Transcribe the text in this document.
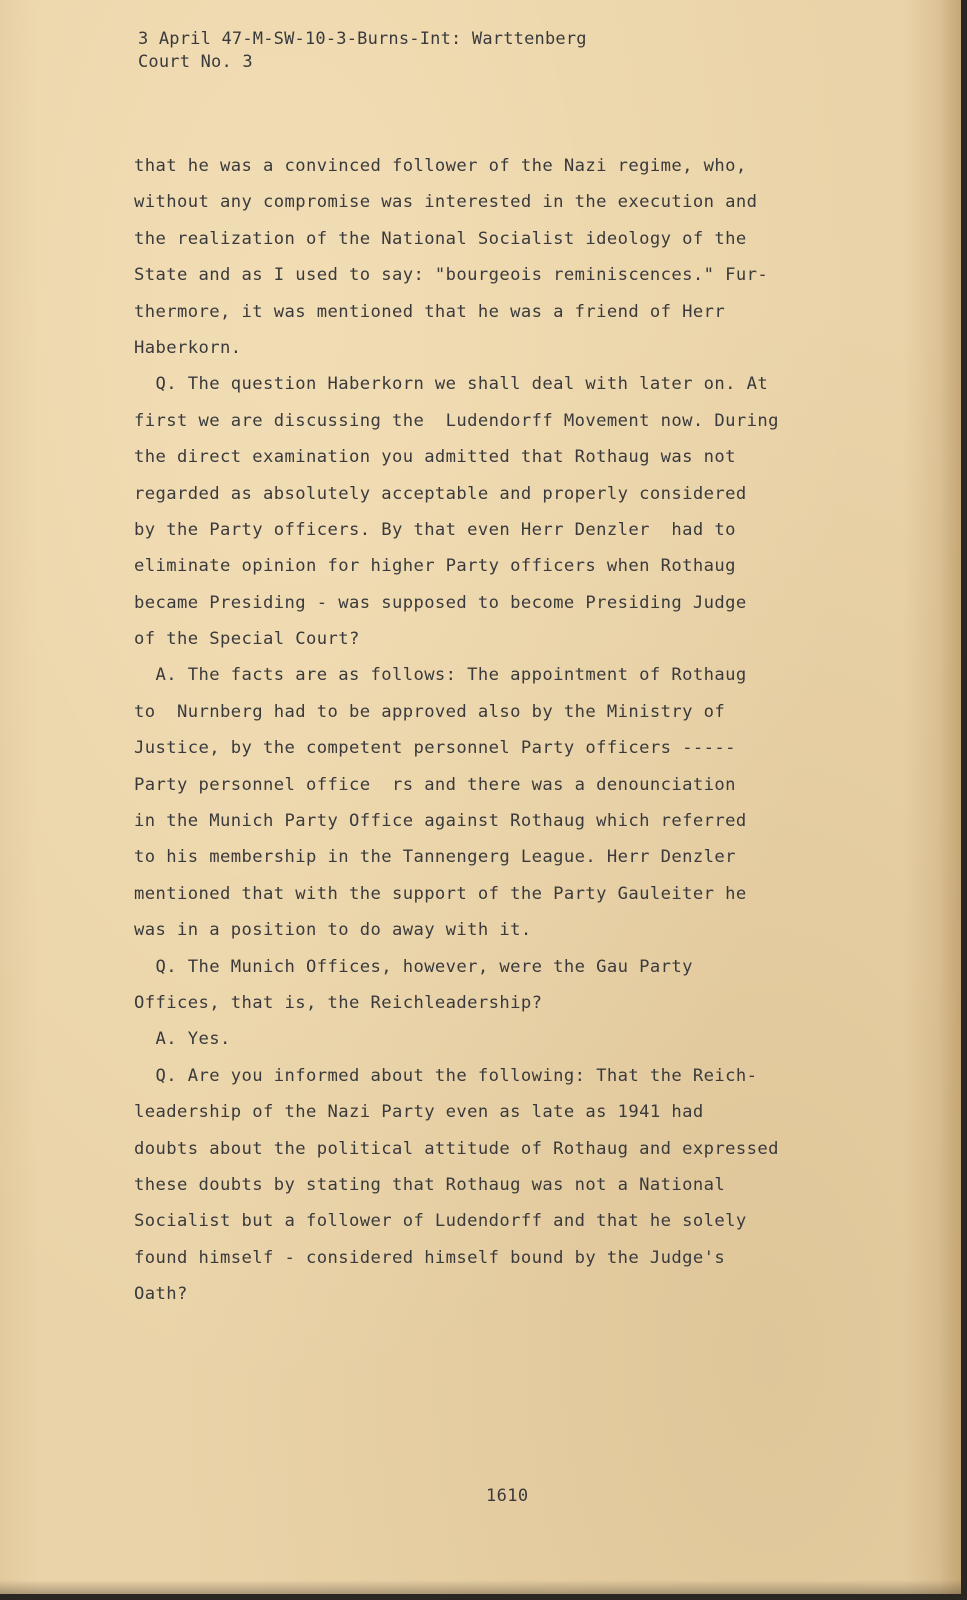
3 April 47-M-SW-10-3-Burns-Int: Warttenberg
Court No. 3
that he was a convinced follower of the Nazi regime, who,
without any compromise was interested in the execution and
the realization of the National Socialist ideology of the
State and as I used to say: "bourgeois reminiscences." Fur-
thermore, it was mentioned that he was a friend of Herr
Haberkorn.
Q. The question Haberkorn we shall deal with later on. At
first we are discussing the  Ludendorff Movement now. During
the direct examination you admitted that Rothaug was not
regarded as absolutely acceptable and properly considered
by the Party officers. By that even Herr Denzler  had to
eliminate opinion for higher Party officers when Rothaug
became Presiding - was supposed to become Presiding Judge
of the Special Court?
A. The facts are as follows: The appointment of Rothaug
to  Nurnberg had to be approved also by the Ministry of
Justice, by the competent personnel Party officers -----
Party personnel office  rs and there was a denounciation
in the Munich Party Office against Rothaug which referred
to his membership in the Tannengerg League. Herr Denzler
mentioned that with the support of the Party Gauleiter he
was in a position to do away with it.
Q. The Munich Offices, however, were the Gau Party
Offices, that is, the Reichleadership?
A. Yes.
Q. Are you informed about the following: That the Reich-
leadership of the Nazi Party even as late as 1941 had
doubts about the political attitude of Rothaug and expressed
these doubts by stating that Rothaug was not a National
Socialist but a follower of Ludendorff and that he solely
found himself - considered himself bound by the Judge's
Oath?
1610
